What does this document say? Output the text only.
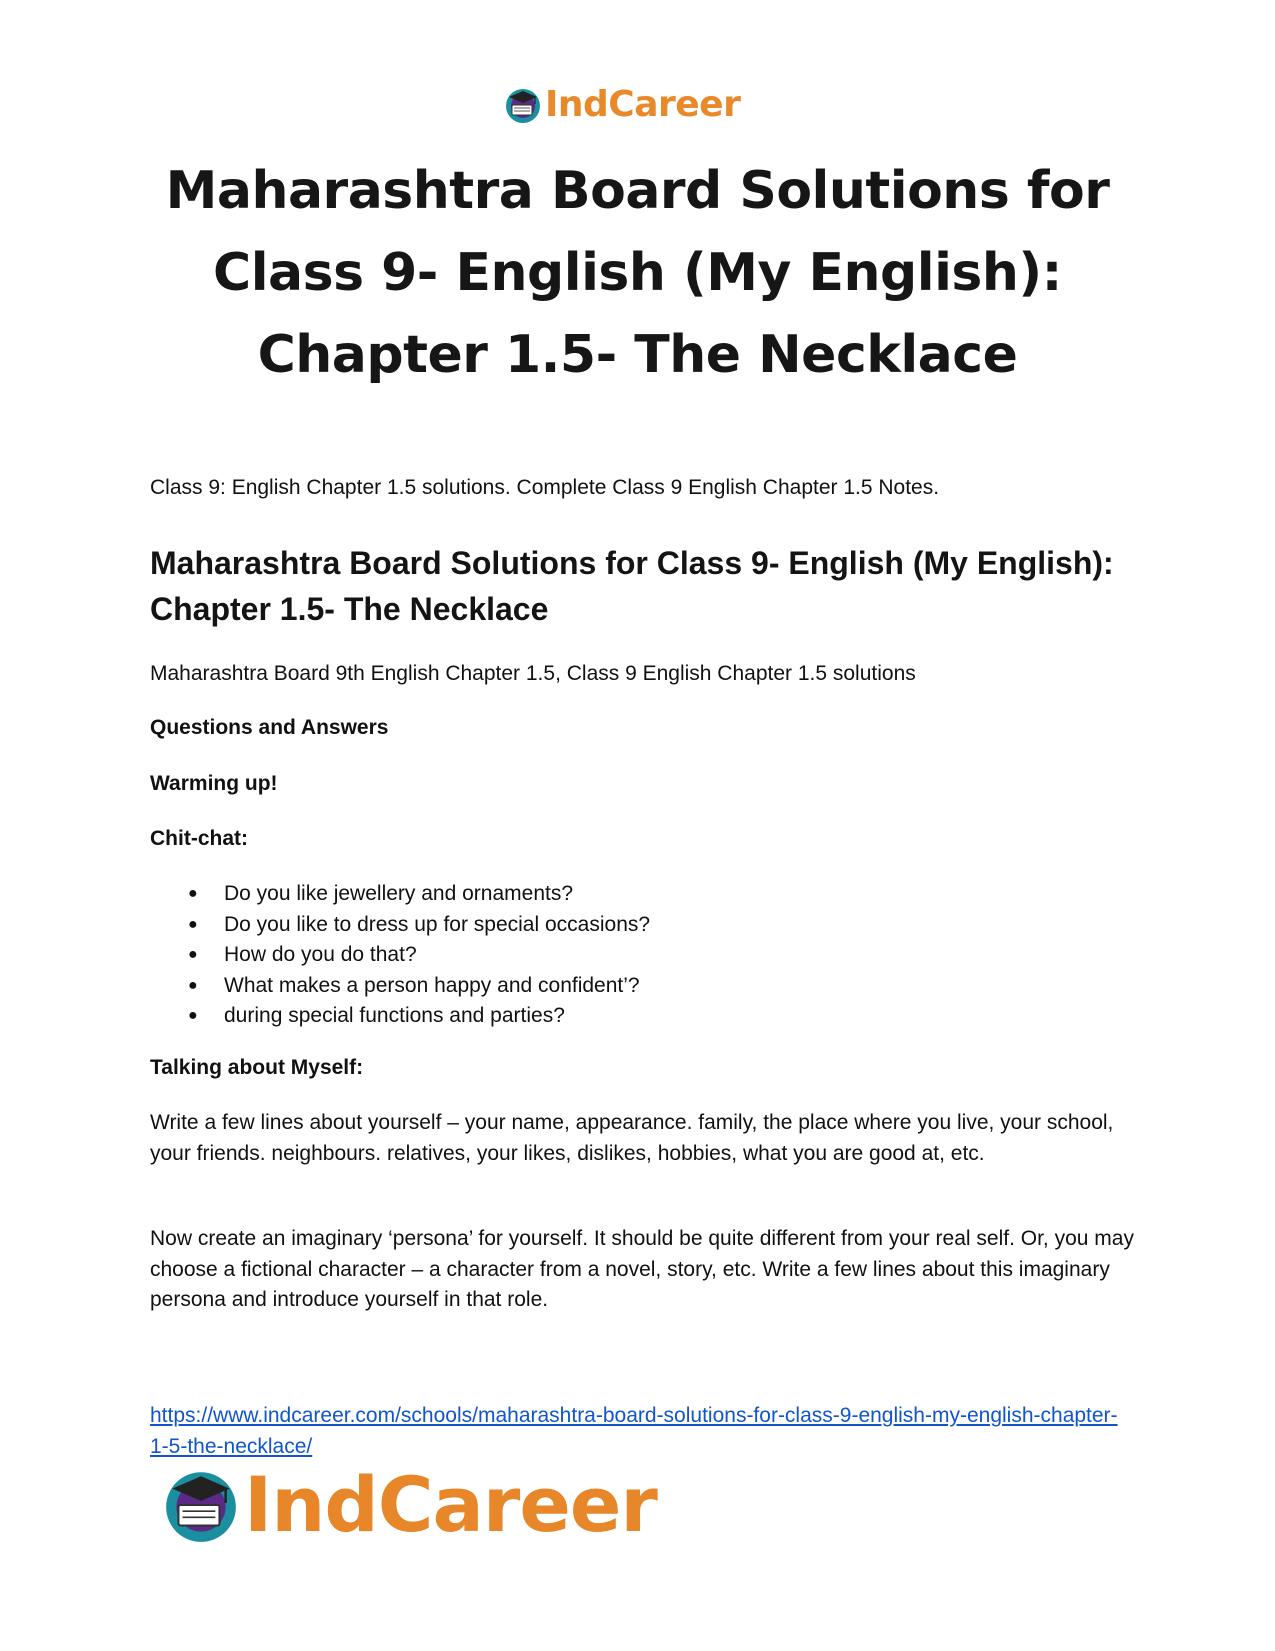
IndCareer
Maharashtra Board Solutions for
Class 9- English (My English):
Chapter 1.5- The Necklace
Class 9: English Chapter 1.5 solutions. Complete Class 9 English Chapter 1.5 Notes.
Maharashtra Board Solutions for Class 9- English (My English): Chapter 1.5- The Necklace
Maharashtra Board 9th English Chapter 1.5, Class 9 English Chapter 1.5 solutions
Questions and Answers
Warming up!
Chit-chat:
● Do you like jewellery and ornaments?
● Do you like to dress up for special occasions?
● How do you do that?
● What makes a person happy and confident’?
● during special functions and parties?
Talking about Myself:
Write a few lines about yourself – your name, appearance. family, the place where you live, your school, your friends. neighbours. relatives, your likes, dislikes, hobbies, what you are good at, etc.
Now create an imaginary ‘persona’ for yourself. It should be quite different from your real self. Or, you may choose a fictional character – a character from a novel, story, etc. Write a few lines about this imaginary persona and introduce yourself in that role.
https://www.indcareer.com/schools/maharashtra-board-solutions-for-class-9-english-my-english-chapter-1-5-the-necklace/
IndCareer
